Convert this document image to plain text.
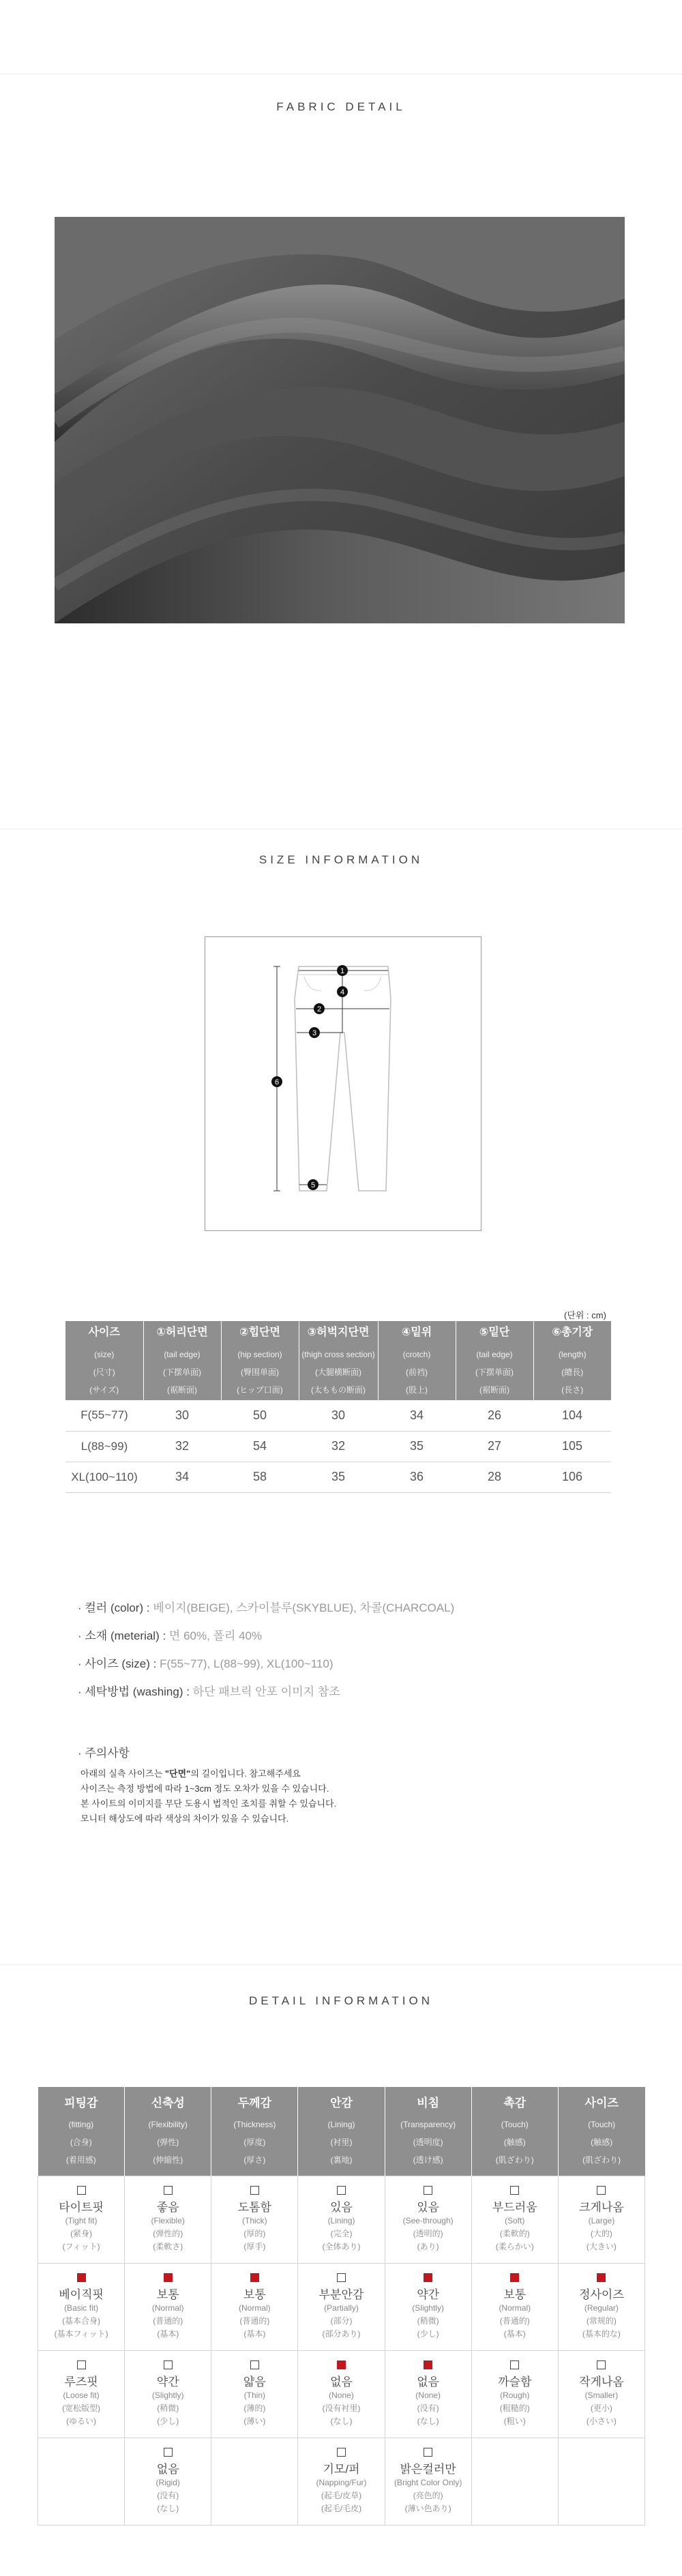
FABRIC DETAIL
SIZE INFORMATION
1
4
2
3
6
5
(단위 : cm)
사이즈
(size)
(尺寸)
(サイズ)	①허리단면
(tail edge)
(下摆单面)
(裾断面)	②힙단면
(hip section)
(臀围单面)
(ヒップ口面)	③허벅지단면
(thigh cross section)
(大腿横断面)
(太ももの断面)	④밑위
(crotch)
(前裆)
(股上)	⑤밑단
(tail edge)
(下摆单面)
(裾断面)	⑥총기장
(length)
(總長)
(長さ)

F(55~77)	30	50	30	34	26	104
L(88~99)	32	54	32	35	27	105
XL(100~110)	34	58	35	36	28	106
· 컬러 (color) : 베이지(BEIGE), 스카이블루(SKYBLUE), 차콜(CHARCOAL)
· 소재 (meterial) : 면 60%, 폴리 40%
· 사이즈 (size) : F(55~77), L(88~99), XL(100~110)
· 세탁방법 (washing) : 하단 패브릭 안포 이미지 참조
· 주의사항
아래의 실측 사이즈는 "단면"의 길이입니다. 참고해주세요
사이즈는 측정 방법에 따라 1~3cm 정도 오차가 있을 수 있습니다.
본 사이트의 이미지를 무단 도용시 법적인 조치를 취할 수 있습니다.
모니터 해상도에 따라 색상의 차이가 있을 수 있습니다.
DETAIL INFORMATION
피팅감
(fitting)
(合身)
(着用感)	신축성
(Flexibility)
(弹性)
(伸縮性)	두께감
(Thickness)
(厚度)
(厚さ)	안감
(Lining)
(衬里)
(裏地)	비침
(Transparency)
(透明度)
(透け感)	촉감
(Touch)
(触感)
(肌ざわり)	사이즈
(Touch)
(触感)
(肌ざわり)

타이트핏
(Tight fit)
(紧身)
(フィット)	좋음
(Flexible)
(弹性的)
(柔軟さ)	도톰함
(Thick)
(厚的)
(厚手)	있음
(Lining)
(完全)
(全体あり)	있음
(See-through)
(透明的)
(あり)	부드러움
(Soft)
(柔軟的)
(柔らかい)	크게나옴
(Large)
(大的)
(大きい)

베이직핏
(Basic fit)
(基本合身)
(基本フィット)	보통
(Normal)
(普通的)
(基本)	보통
(Normal)
(普通的)
(基本)	부분안감
(Partially)
(部分)
(部分あり)	약간
(Slightly)
(稍微)
(少し)	보통
(Normal)
(普通的)
(基本)	정사이즈
(Regular)
(常规的)
(基本的な)

루즈핏
(Loose fit)
(宽松版型)
(ゆるい)	약간
(Slightly)
(稍微)
(少し)	얇음
(Thin)
(薄的)
(薄い)	없음
(None)
(没有衬里)
(なし)	없음
(None)
(没有)
(なし)	까슬함
(Rough)
(粗糙的)
(粗い)	작게나옴
(Smaller)
(更小)
(小さい)

	없음
(Rigid)
(没有)
(なし)		기모/퍼
(Napping/Fur)
(起毛/皮草)
(起毛/毛皮)	밝은컬러만
(Bright Color Only)
(亮色的)
(薄い色あり)		
